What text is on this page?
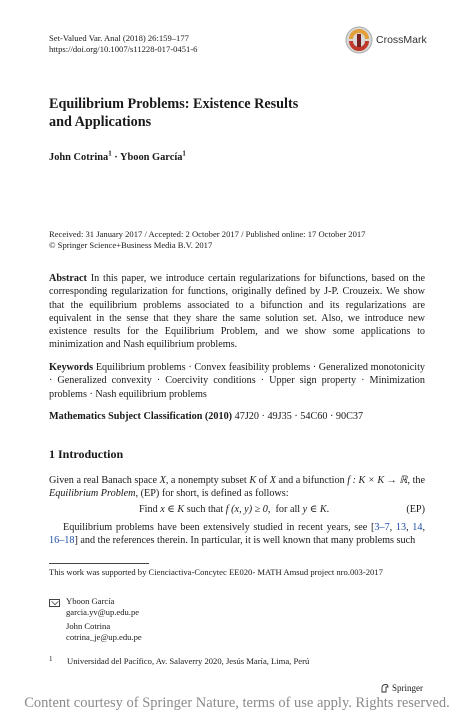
Set-Valued Var. Anal (2018) 26:159–177
https://doi.org/10.1007/s11228-017-0451-6
CrossMark
Equilibrium Problems: Existence Results
and Applications
John Cotrina$^1$ · Yboon García$^1$
Received: 31 January 2017 / Accepted: 2 October 2017 / Published online: 17 October 2017
© Springer Science+Business Media B.V. 2017
Abstract In this paper, we introduce certain regularizations for bifunctions, based on the corresponding regularization for functions, originally defined by J-P. Crouzeix. We show that the equilibrium problems associated to a bifunction and its regularizations are equivalent in the sense that they share the same solution set. Also, we introduce new existence results for the Equilibrium Problem, and we show some applications to minimization and Nash equilibrium problems.
Keywords Equilibrium problems · Convex feasibility problems · Generalized monotonicity · Generalized convexity · Coercivity conditions · Upper sign property · Minimization problems · Nash equilibrium problems
Mathematics Subject Classification (2010) 47J20 · 49J35 · 54C60 · 90C37
1 Introduction
Given a real Banach space X, a nonempty subset K of X and a bifunction f : K × K → ℝ, the Equilibrium Problem, (EP) for short, is defined as follows:
Find x ∈ K such that f (x, y) ≥ 0,  for all y ∈ K.	(EP)
Equilibrium problems have been extensively studied in recent years, see [3–7, 13, 14, 16–18] and the references therein. In particular, it is well known that many problems such
This work was supported by Cienciactiva-Concytec EE020- MATH Amsud project nro.003-2017
Yboon García
garcia.yv@up.edu.pe
John Cotrina
cotrina_je@up.edu.pe
1 Universidad del Pacífico, Av. Salaverry 2020, Jesús María, Lima, Perú
Springer
Content courtesy of Springer Nature, terms of use apply. Rights reserved.
